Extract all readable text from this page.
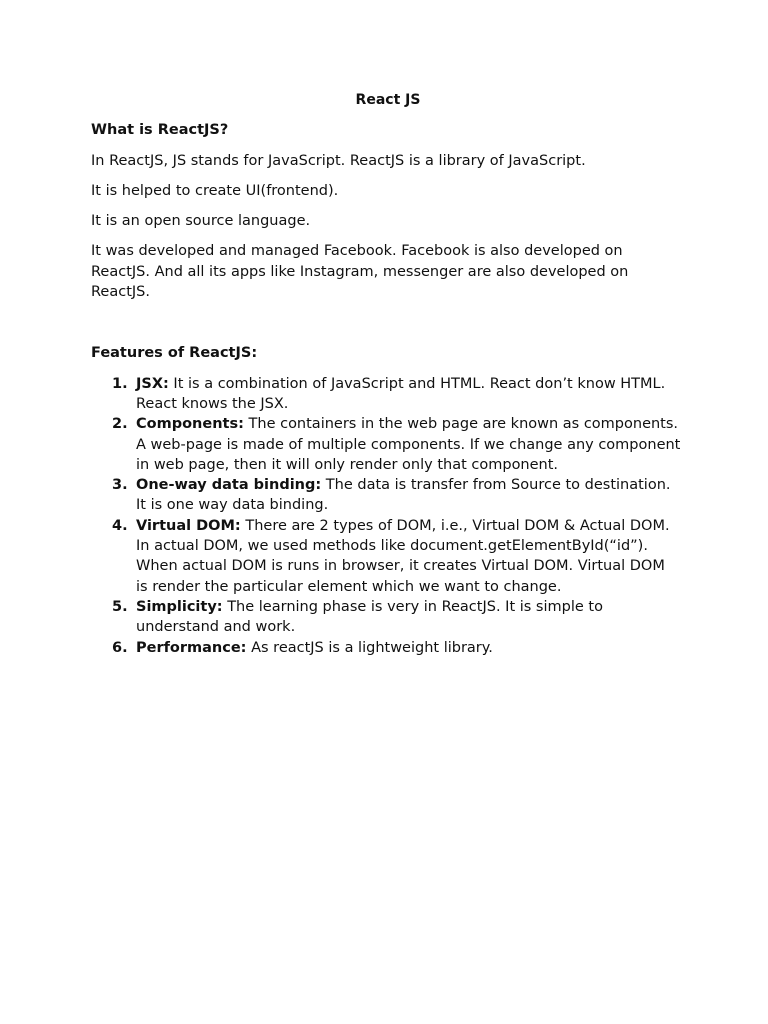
React JS
What is ReactJS?

In ReactJS, JS stands for JavaScript. ReactJS is a library of JavaScript.

It is helped to create UI(frontend).

It is an open source language.

It was developed and managed Facebook. Facebook is also developed on ReactJS. And all its apps like Instagram, messenger are also developed on ReactJS.

Features of ReactJS:
1. JSX: It is a combination of JavaScript and HTML. React don’t know HTML. React knows the JSX.
2. Components: The containers in the web page are known as components. A web-page is made of multiple components. If we change any component in web page, then it will only render only that component.
3. One-way data binding: The data is transfer from Source to destination. It is one way data binding.
4. Virtual DOM: There are 2 types of DOM, i.e., Virtual DOM & Actual DOM. In actual DOM, we used methods like document.getElementById(“id”). When actual DOM is runs in browser, it creates Virtual DOM. Virtual DOM is render the particular element which we want to change.
5. Simplicity: The learning phase is very in ReactJS. It is simple to understand and work.
6. Performance: As reactJS is a lightweight library.
